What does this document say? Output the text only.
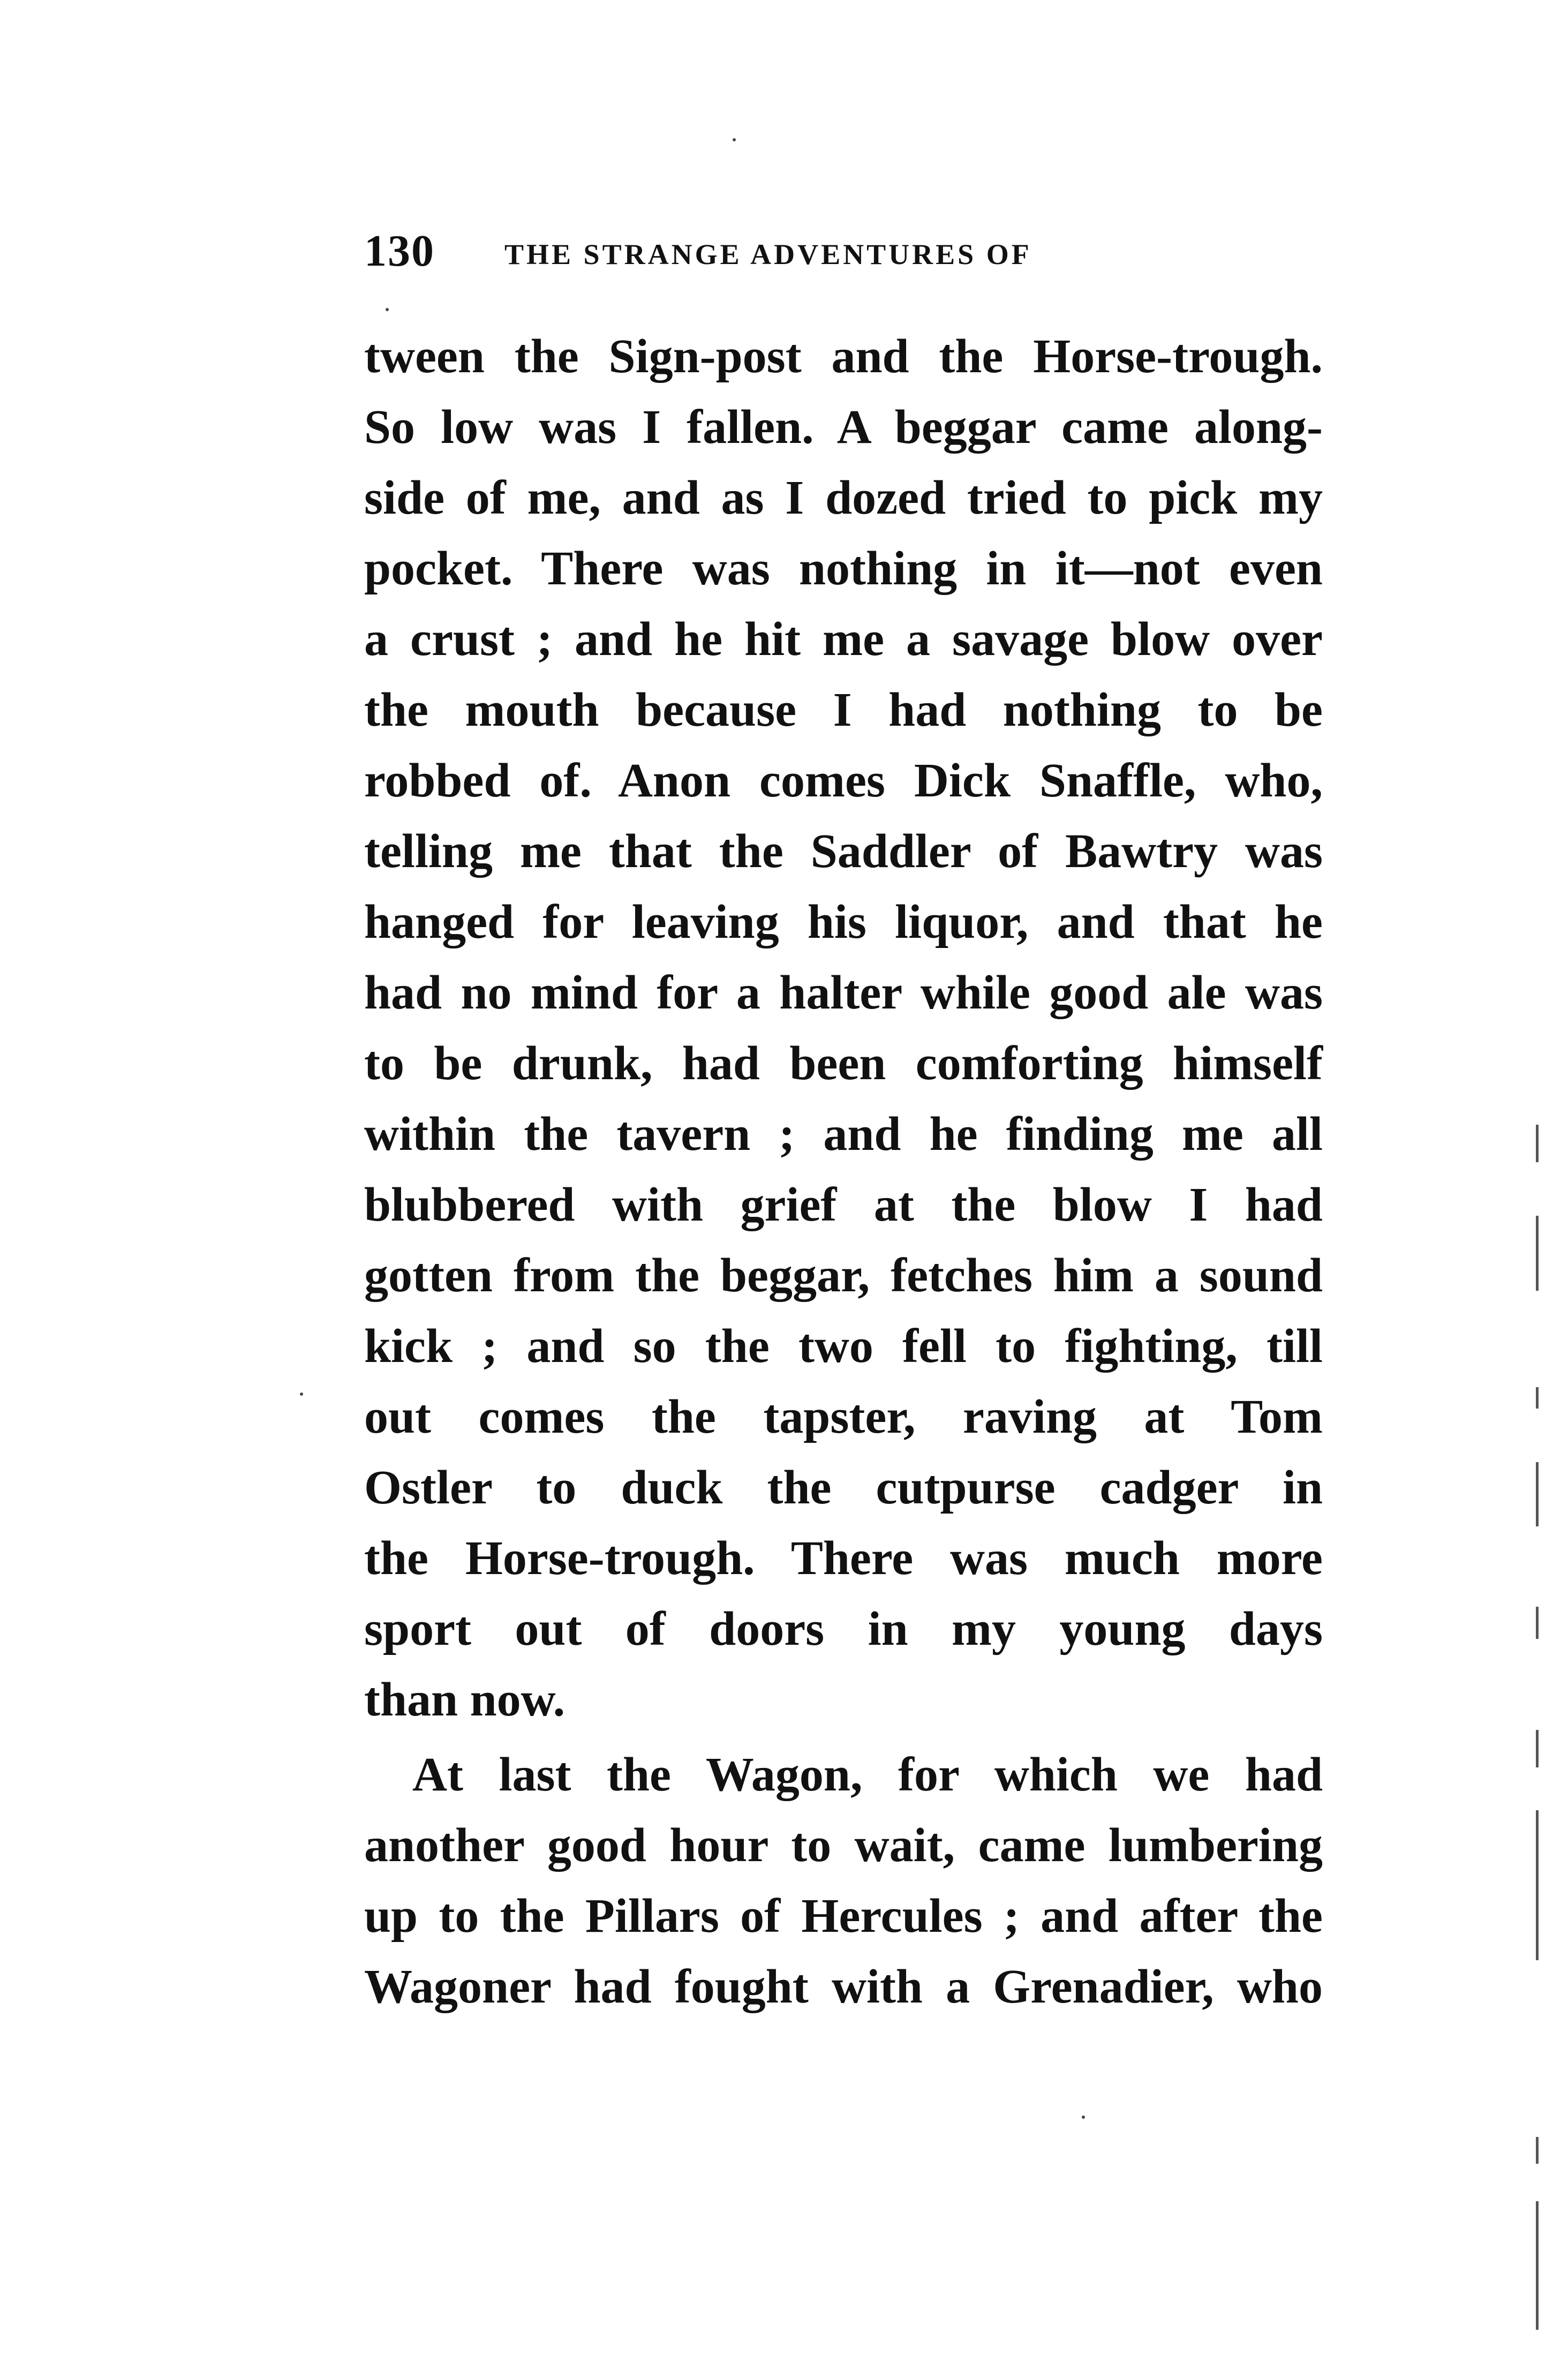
130 THE STRANGE ADVENTURES OF
tween the Sign-post and the Horse-trough.
So low was I fallen. A beggar came along-
side of me, and as I dozed tried to pick my
pocket. There was nothing in it—not even
a crust ; and he hit me a savage blow over
the mouth because I had nothing to be
robbed of. Anon comes Dick Snaffle, who,
telling me that the Saddler of Bawtry was
hanged for leaving his liquor, and that he
had no mind for a halter while good ale was
to be drunk, had been comforting himself
within the tavern ; and he finding me all
blubbered with grief at the blow I had
gotten from the beggar, fetches him a sound
kick ; and so the two fell to fighting, till
out comes the tapster, raving at Tom
Ostler to duck the cutpurse cadger in
the Horse-trough. There was much more
sport out of doors in my young days
than now.
At last the Wagon, for which we had
another good hour to wait, came lumbering
up to the Pillars of Hercules ; and after the
Wagoner had fought with a Grenadier, who
